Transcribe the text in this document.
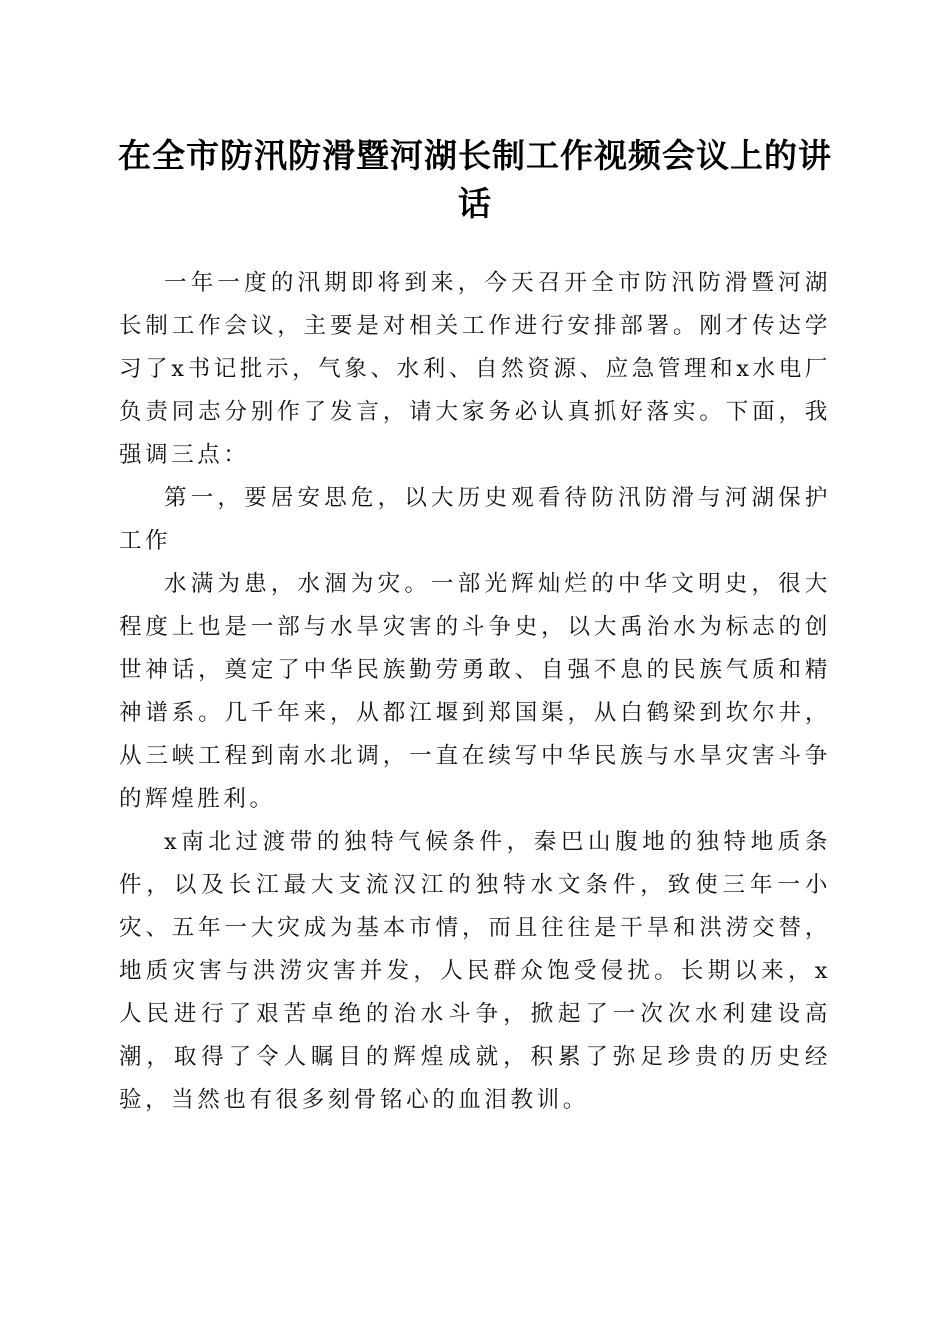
在全市防汛防滑暨河湖长制工作视频会议上的讲话

一年一度的汛期即将到来，今天召开全市防汛防滑暨河湖长制工作会议，主要是对相关工作进行安排部署。刚才传达学习了x书记批示，气象、水利、自然资源、应急管理和x水电厂负责同志分别作了发言，请大家务必认真抓好落实。下面，我强调三点：

第一，要居安思危，以大历史观看待防汛防滑与河湖保护工作

水满为患，水涸为灾。一部光辉灿烂的中华文明史，很大程度上也是一部与水旱灾害的斗争史，以大禹治水为标志的创世神话，奠定了中华民族勤劳勇敢、自强不息的民族气质和精神谱系。几千年来，从都江堰到郑国渠，从白鹤梁到坎尔井，从三峡工程到南水北调，一直在续写中华民族与水旱灾害斗争的辉煌胜利。

x南北过渡带的独特气候条件，秦巴山腹地的独特地质条件，以及长江最大支流汉江的独特水文条件，致使三年一小灾、五年一大灾成为基本市情，而且往往是干旱和洪涝交替，地质灾害与洪涝灾害并发，人民群众饱受侵扰。长期以来，x人民进行了艰苦卓绝的治水斗争，掀起了一次次水利建设高潮，取得了令人瞩目的辉煌成就，积累了弥足珍贵的历史经验，当然也有很多刻骨铭心的血泪教训。
